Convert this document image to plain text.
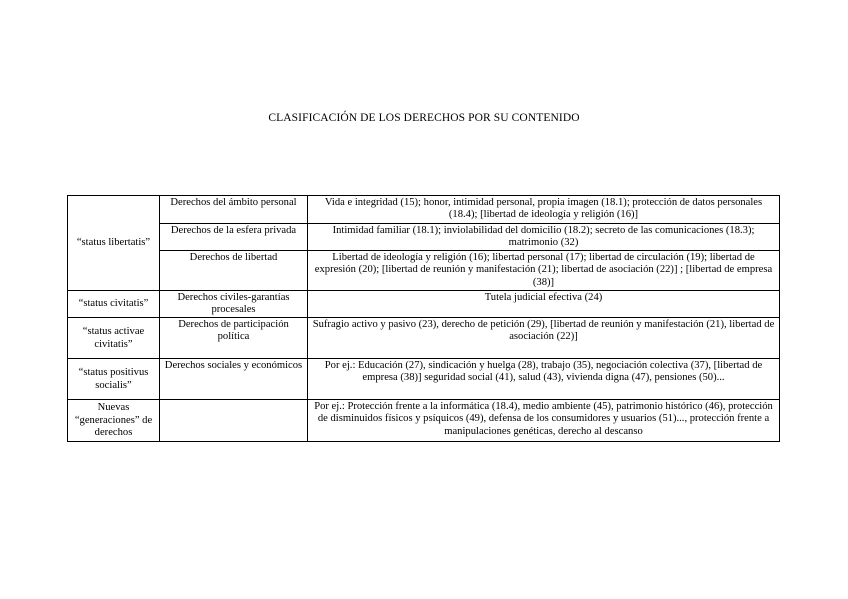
CLASIFICACIÓN DE LOS DERECHOS POR SU CONTENIDO
“status libertatis”	Derechos del ámbito personal	Vida e integridad (15); honor, intimidad personal, propia imagen (18.1); protección de datos personales (18.4); [libertad de ideología y religión (16)]
	Derechos de la esfera privada	Intimidad familiar (18.1); inviolabilidad del domicilio (18.2); secreto de las comunicaciones (18.3); matrimonio (32)
	Derechos de libertad	Libertad de ideología y religión (16); libertad personal (17); libertad de circulación (19); libertad de expresión (20); [libertad de reunión y manifestación (21); libertad de asociación (22)] ; [libertad de empresa (38)]
“status civitatis”	Derechos civiles-garantías procesales	Tutela judicial efectiva (24)
“status activae civitatis”	Derechos de participación política	Sufragio activo y pasivo (23), derecho de petición (29), [libertad de reunión y manifestación (21), libertad de asociación (22)]
“status positivus socialis”	Derechos sociales y económicos	Por ej.: Educación (27), sindicación y huelga (28), trabajo (35), negociación colectiva (37), [libertad de empresa (38)] seguridad social (41), salud (43), vivienda digna (47), pensiones (50)...
Nuevas “generaciones” de derechos		Por ej.: Protección frente a la informática (18.4), medio ambiente (45), patrimonio histórico (46), protección de disminuidos físicos y psíquicos (49), defensa de los consumidores y usuarios (51)..., protección frente a manipulaciones genéticas, derecho al descanso
